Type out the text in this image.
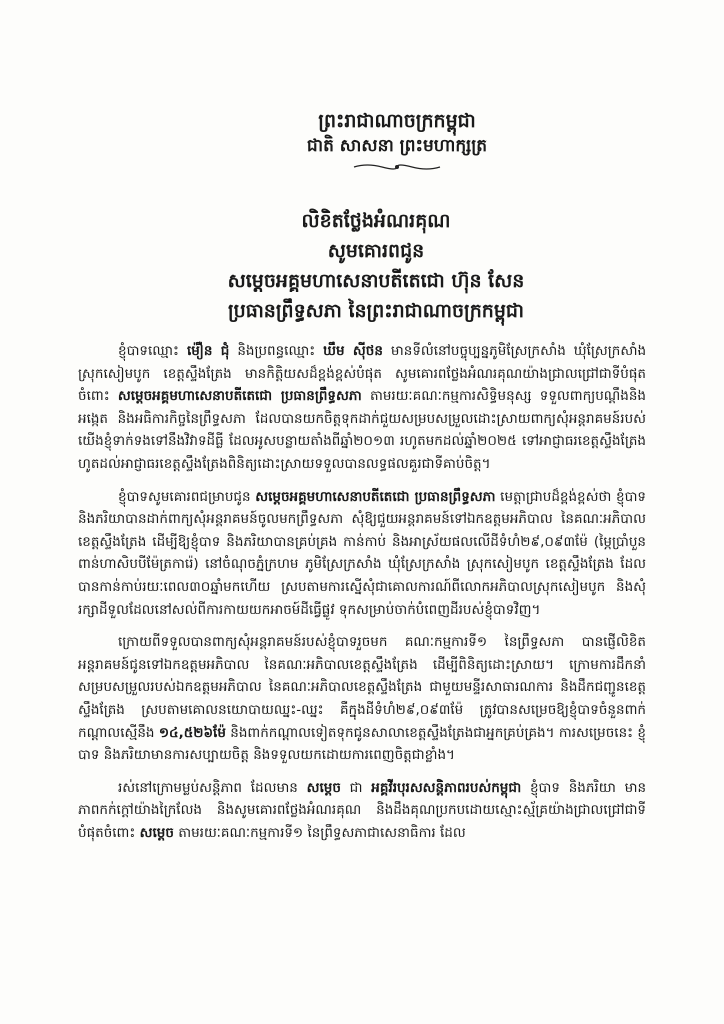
ព្រះរាជាណាចក្រកម្ពុជា
ជាតិ សាសនា ព្រះមហាក្សត្រ
លិខិតថ្លែងអំណរគុណ
សូមគោរពជូន
សម្តេចអគ្គមហាសេនាបតីតេជោ ហ៊ុន សែន
ប្រធានព្រឹទ្ធសភា នៃព្រះរាជាណាចក្រកម្ពុជា

ខ្ញុំបាទឈ្មោះ ម៉ឿន ជុំ និងប្រពន្ធឈ្មោះ ឃឹម ស៊ីថន មានទីលំនៅបច្ចុប្បន្នភូមិស្រែក្រសាំង ឃុំស្រែក្រសាំង ស្រុកសៀមបូក ខេត្តស្ទឹងត្រែង មានកិត្តិយសដ៏ខ្ពង់ខ្ពស់បំផុត សូមគោរពថ្លែងអំណរគុណយ៉ាងជ្រាលជ្រៅជាទីបំផុតចំពោះ សម្តេចអគ្គមហាសេនាបតីតេជោ ប្រធានព្រឹទ្ធសភា តាមរយៈគណៈកម្មការសិទ្ធិមនុស្ស ទទួលពាក្យបណ្តឹងនិងអង្កេត និងអធិការកិច្ចនៃព្រឹទ្ធសភា ដែលបានយកចិត្តទុកដាក់ជួយសម្របសម្រួលដោះស្រាយពាក្យសុំអន្តរាគមន៍របស់យើងខ្ញុំទាក់ទងទៅនឹងវិវាទដីធ្លី ដែលអូសបន្លាយតាំងពីឆ្នាំ២០១៣ រហូតមកដល់ឆ្នាំ២០២៥ ទៅអាជ្ញាធរខេត្តស្ទឹងត្រែង ហូតដល់អាជ្ញាធរខេត្តស្ទឹងត្រែងពិនិត្យដោះស្រាយទទួលបានលទ្ធផលគួរជាទីគាប់ចិត្ត។

ខ្ញុំបាទសូមគោរពជម្រាបជូន សម្តេចអគ្គមហាសេនាបតីតេជោ ប្រធានព្រឹទ្ធសភា មេត្តាជ្រាបដ៏ខ្ពង់ខ្ពស់ថា ខ្ញុំបាទ និងភរិយាបានដាក់ពាក្យសុំអន្តរាគមន៍ចូលមកព្រឹទ្ធសភា សុំឱ្យជួយអន្តរាគមន៍ទៅឯកឧត្តមអភិបាល នៃគណៈអភិបាលខេត្តស្ទឹងត្រែង ដើម្បីឱ្យខ្ញុំបាទ និងភរិយាបានគ្រប់គ្រង កាន់កាប់ និងអាស្រ័យផលលើដីទំហំ២៩,០៩៣ម៉ែ (ម្ភៃប្រាំបួនពាន់ហាសិបបីម៉ែត្រការ៉េ) នៅចំណុចភ្នំក្រហម ភូមិស្រែក្រសាំង ឃុំស្រែក្រសាំង ស្រុកសៀមបូក ខេត្តស្ទឹងត្រែង ដែលបានកាន់កាប់រយៈពេល៣០ឆ្នាំមកហើយ ស្របតាមការស្នើសុំជាគោលការណ៍ពីលោកអភិបាលស្រុកសៀមបូក និងសុំរក្សាដីទួលដែលនៅសល់ពីការកាយយកអាចម៍ដីធ្វើផ្លូវ ទុកសម្រាប់ចាក់បំពេញដីរបស់ខ្ញុំបាទវិញ។

ក្រោយពីទទួលបានពាក្យសុំអន្តរាគមន៍របស់ខ្ញុំបាទរួចមក គណៈកម្មការទី១ នៃព្រឹទ្ធសភា បានផ្ញើលិខិតអន្តរាគមន៍ជូនទៅឯកឧត្តមអភិបាល នៃគណៈអភិបាលខេត្តស្ទឹងត្រែង ដើម្បីពិនិត្យដោះស្រាយ។ ក្រោមការដឹកនាំសម្របសម្រួលរបស់ឯកឧត្តមអភិបាល នៃគណៈអភិបាលខេត្តស្ទឹងត្រែង ជាមួយមន្ទីរសាធារណការ និងដឹកជញ្ជូនខេត្តស្ទឹងត្រែង ស្របតាមគោលនយោបាយឈ្នះ-ឈ្នះ គឺក្នុងដីទំហំ២៩,០៩៣ម៉ែ ត្រូវបានសម្រេចឱ្យខ្ញុំបាទចំនួនពាក់កណ្តាលស្មើនឹង ១៤,៥២៦ម៉ែ និងពាក់កណ្តាលទៀតទុកជូនសាលាខេត្តស្ទឹងត្រែងជាអ្នកគ្រប់គ្រង។ ការសម្រេចនេះ ខ្ញុំបាទ និងភរិយាមានការសប្បាយចិត្ត និងទទួលយកដោយការពេញចិត្តជាខ្លាំង។

រស់នៅក្រោមម្លប់សន្តិភាព ដែលមាន សម្តេច ជា អគ្គវីរបុរសសន្តិភាពរបស់កម្ពុជា ខ្ញុំបាទ និងភរិយា មានភាពកក់ក្តៅយ៉ាងក្រៃលែង និងសូមគោរពថ្លែងអំណរគុណ និងដឹងគុណប្រកបដោយស្មោះស្ម័គ្រយ៉ាងជ្រាលជ្រៅជាទីបំផុតចំពោះ សម្តេច តាមរយៈគណៈកម្មការទី១ នៃព្រឹទ្ធសភាជាសេនាធិការ ដែល
